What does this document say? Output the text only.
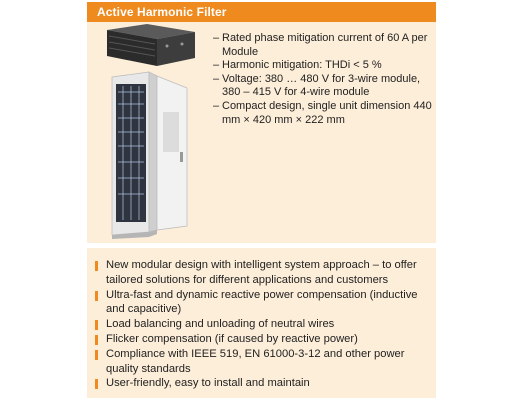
Active Harmonic Filter
– Rated phase mitigation current of 60 A per Module
– Harmonic mitigation: THDi < 5 %
– Voltage: 380 … 480 V for 3-wire module, 380 – 415 V for 4-wire module
– Compact design, single unit dimension 440 mm × 420 mm × 222 mm
New modular design with intelligent system approach – to offer tailored solutions for different applications and customers
Ultra-fast and dynamic reactive power compensation (inductive and capacitive)
Load balancing and unloading of neutral wires
Flicker compensation (if caused by reactive power)
Compliance with IEEE 519, EN 61000-3-12 and other power quality standards
User-friendly, easy to install and maintain
